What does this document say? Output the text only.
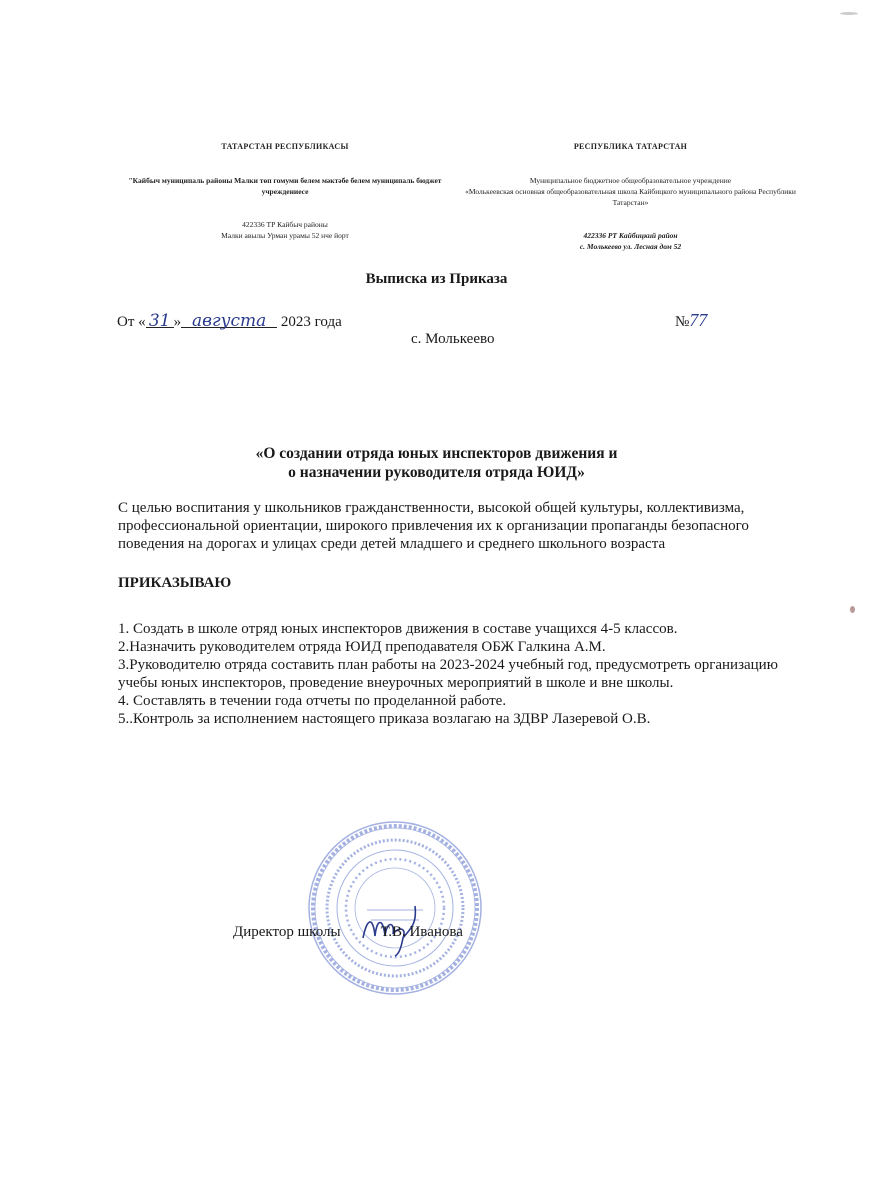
ТАТАРСТАН РЕСПУБЛИКАСЫ
"Кайбыч муниципаль районы Малки төп гомуми белем мәктәбе белем муниципаль бюджет учреждениесе
422336 ТР Кайбыч районы
Малки авылы Урман урамы 52 нче йорт
РЕСПУБЛИКА ТАТАРСТАН
Муниципальное бюджетное общеобразовательное учреждение
«Молькеевская основная общеобразовательная школа Кайбицкого муниципального района Республики Татарстан»
422336 РТ Кайбицкий район
с. Молькеево ул. Лесная дом 52
Выписка из Приказа
От « 31 » августа 2023 года	№77
с. Молькеево
«О создании отряда юных инспекторов движения и
о назначении руководителя отряда ЮИД»
С целью воспитания у школьников гражданственности, высокой общей культуры, коллективизма, профессиональной ориентации, широкого привлечения их к организации пропаганды безопасного поведения на дорогах и улицах среди детей младшего и среднего школьного возраста
ПРИКАЗЫВАЮ

1. Создать в школе отряд юных инспекторов движения в составе учащихся 4-5 классов.

2.Назначить руководителем отряда ЮИД преподавателя ОБЖ Галкина А.М.

3.Руководителю отряда составить план работы на 2023-2024 учебный год, предусмотреть организацию учебы юных инспекторов, проведение внеурочных мероприятий в школе и вне школы.

4. Составлять в течении года отчеты по проделанной работе.

5..Контроль за исполнением настоящего приказа возлагаю на ЗДВР Лазеревой О.В.

Директор школы	Т.В. Иванова
